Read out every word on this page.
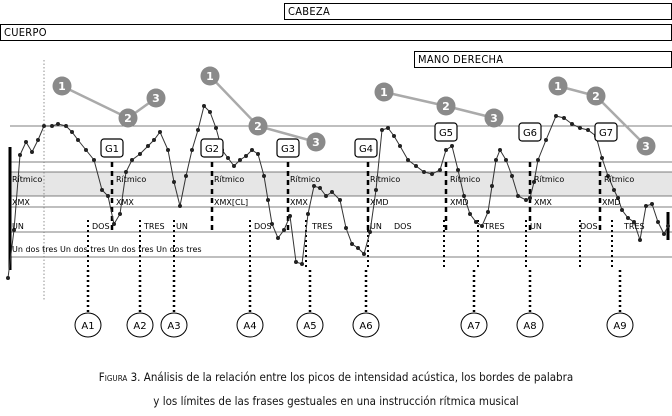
CABEZA
CUERPO
MANO DERECHA
Rítmico	Rítmico	Rítmico	Rítmico	Rítmico	Rítmico	Rítmico	Rítmico
XMX	XMX	XMX[CL]	XMX	XMD	XMD	XMX	XMD
UN	DOS	TRES UN	DOS	TRES	UN DOS	TRES	UN	DOS	TRES
Un dos tres Un dos tres Un dos tres Un dos tres
1
2
3
1
2
3
1
2
3
1
2
3
G1	G2	G3	G4
G5	G6	G7
A1	A2 A3	A4	A5	A6	A7	A8	A9
Figura 3. Análisis de la relación entre los picos de intensidad acústica, los bordes de palabra
y los límites de las frases gestuales en una instrucción rítmica musical
